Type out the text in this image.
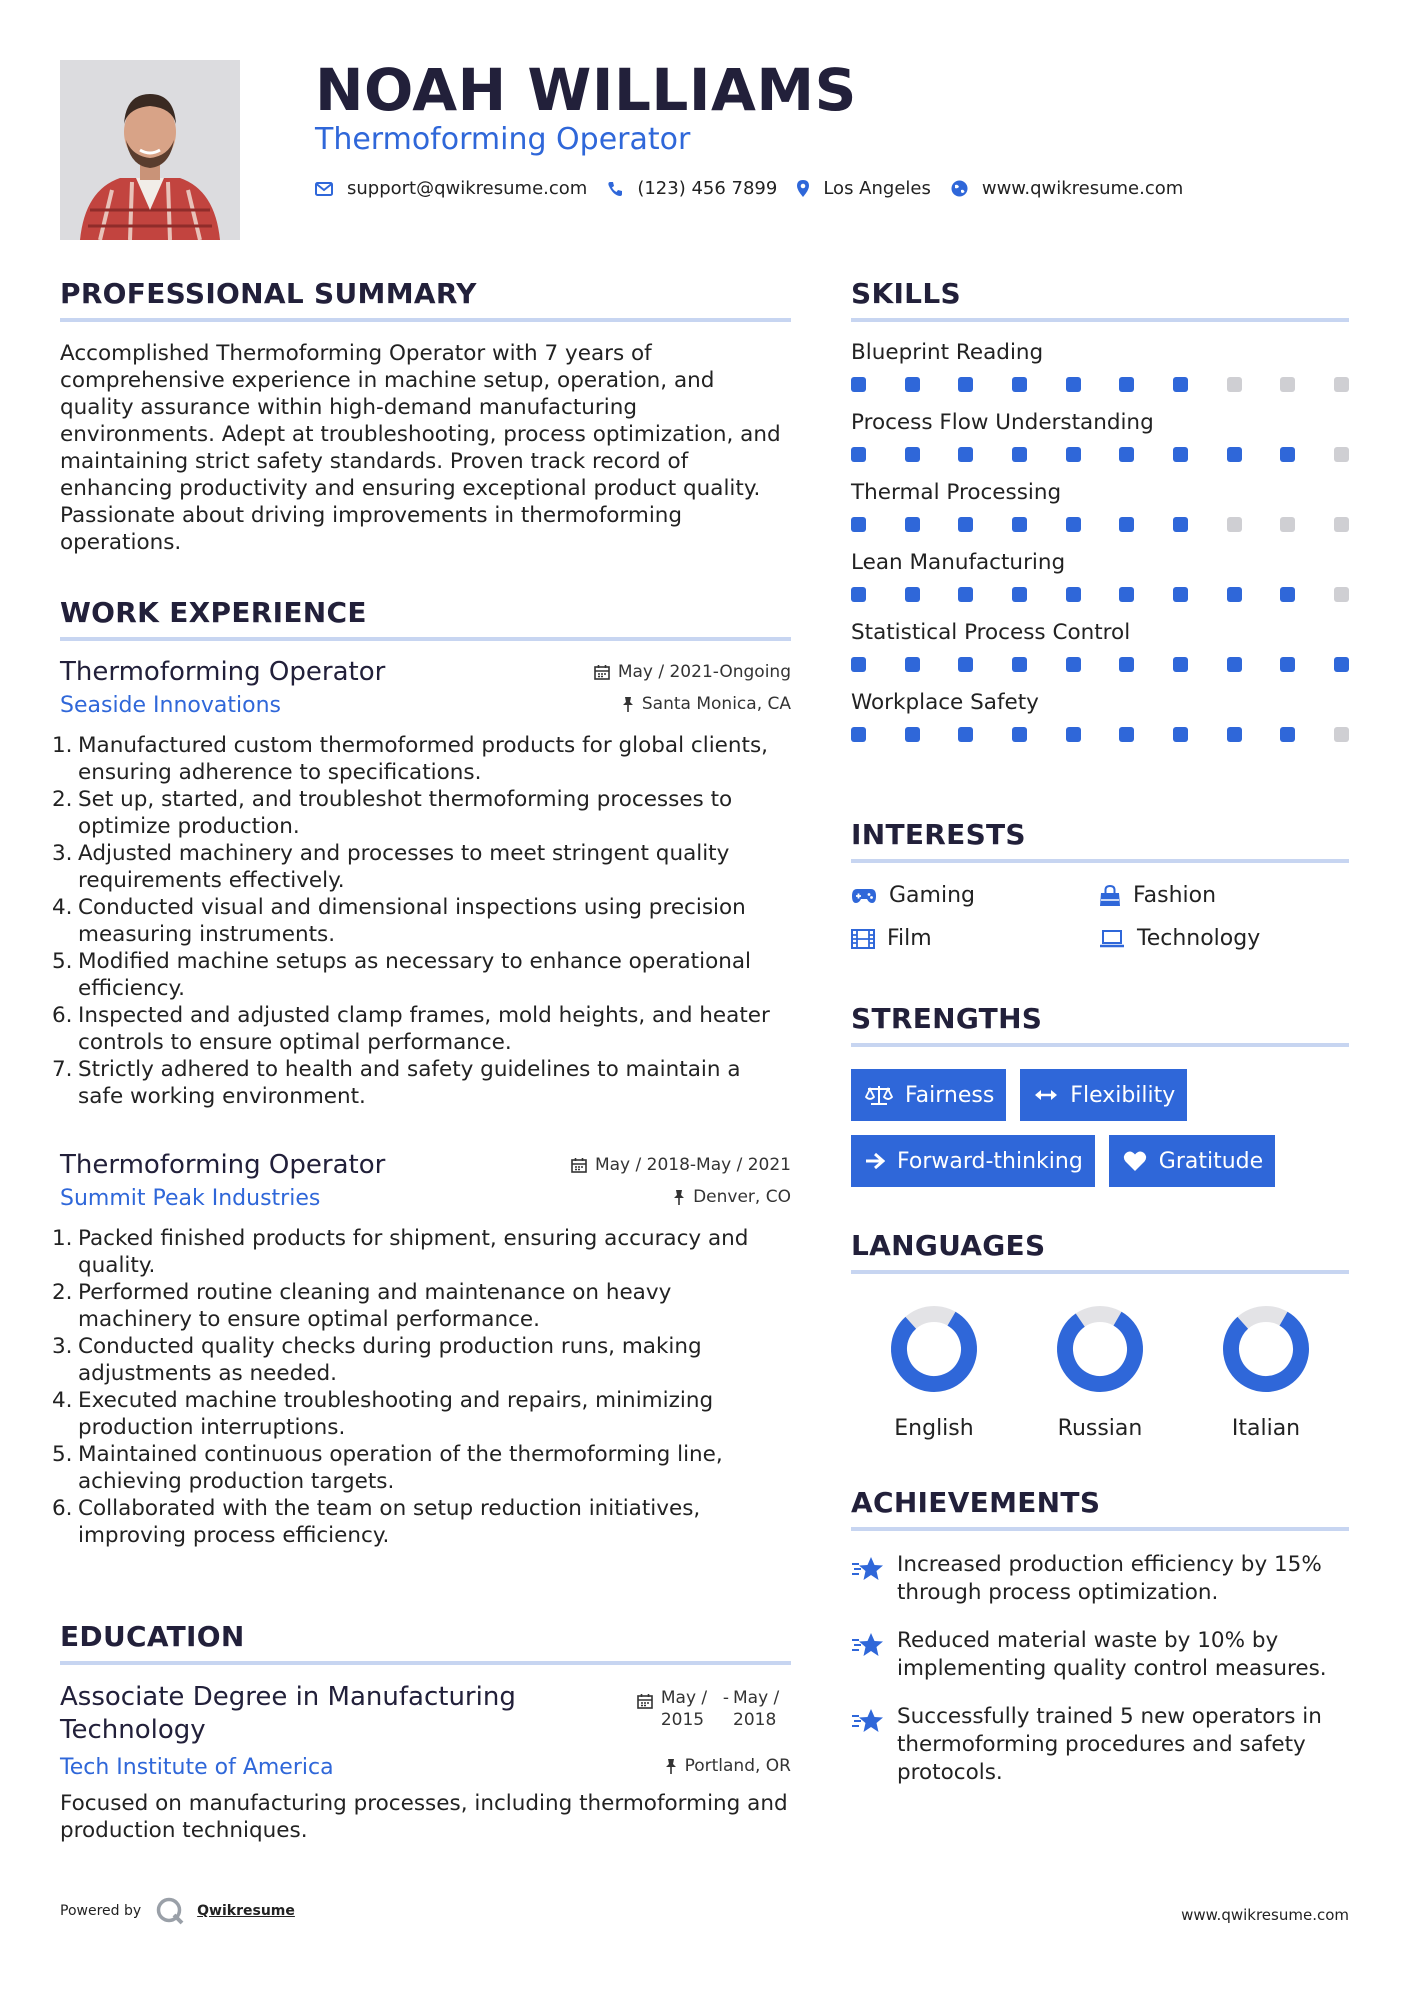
NOAH WILLIAMS
Thermoforming Operator
support@qwikresume.com	(123) 456 7899	Los Angeles	www.qwikresume.com
PROFESSIONAL SUMMARY

Accomplished Thermoforming Operator with 7 years of comprehensive experience in machine setup, operation, and quality assurance within high-demand manufacturing environments. Adept at troubleshooting, process optimization, and maintaining strict safety standards. Proven track record of enhancing productivity and ensuring exceptional product quality. Passionate about driving improvements in thermoforming operations.

WORK EXPERIENCE
Thermoforming Operator	May / 2021-Ongoing
Seaside Innovations	Santa Monica, CA
1. Manufactured custom thermoformed products for global clients, ensuring adherence to specifications.
2. Set up, started, and troubleshot thermoforming processes to optimize production.
3. Adjusted machinery and processes to meet stringent quality requirements effectively.
4. Conducted visual and dimensional inspections using precision measuring instruments.
5. Modified machine setups as necessary to enhance operational efficiency.
6. Inspected and adjusted clamp frames, mold heights, and heater controls to ensure optimal performance.
7. Strictly adhered to health and safety guidelines to maintain a safe working environment.
Thermoforming Operator	May / 2018-May / 2021
Summit Peak Industries	Denver, CO
1. Packed finished products for shipment, ensuring accuracy and quality.
2. Performed routine cleaning and maintenance on heavy machinery to ensure optimal performance.
3. Conducted quality checks during production runs, making adjustments as needed.
4. Executed machine troubleshooting and repairs, minimizing production interruptions.
5. Maintained continuous operation of the thermoforming line, achieving production targets.
6. Collaborated with the team on setup reduction initiatives, improving process efficiency.
EDUCATION
Associate Degree in Manufacturing Technology
May / 2015
- May / 2018
Tech Institute of America	Portland, OR

Focused on manufacturing processes, including thermoforming and production techniques.

SKILLS
Blueprint Reading
Process Flow Understanding
Thermal Processing
Lean Manufacturing
Statistical Process Control
Workplace Safety
INTERESTS
Gaming	Fashion
Film	Technology
STRENGTHS
Fairness	Flexibility
Forward-thinking	Gratitude
LANGUAGES
English	Russian	Italian
ACHIEVEMENTS
Increased production efficiency by 15% through process optimization.
Reduced material waste by 10% by implementing quality control measures.
Successfully trained 5 new operators in thermoforming procedures and safety protocols.
Powered by	Qwikresume	www.qwikresume.com
